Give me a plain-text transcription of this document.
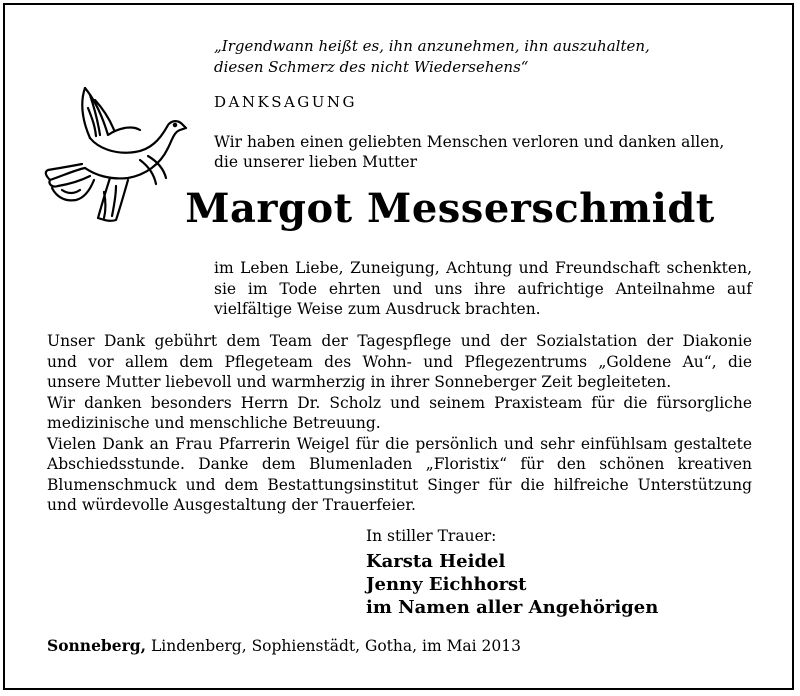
„Irgendwann heißt es, ihn anzunehmen, ihn auszuhalten,
diesen Schmerz des nicht Wiedersehens“
DANKSAGUNG
Wir haben einen geliebten Menschen verloren und danken allen,
die unserer lieben Mutter
Margot Messerschmidt
im Leben Liebe, Zuneigung, Achtung und Freundschaft schenkten,
sie im Tode ehrten und uns ihre aufrichtige Anteilnahme auf
vielfältige Weise zum Ausdruck brachten.
Unser Dank gebührt dem Team der Tagespflege und der Sozialstation der Diakonie
und vor allem dem Pflegeteam des Wohn- und Pflegezentrums „Goldene Au“, die
unsere Mutter liebevoll und warmherzig in ihrer Sonneberger Zeit begleiteten.
Wir danken besonders Herrn Dr. Scholz und seinem Praxisteam für die fürsorgliche
medizinische und menschliche Betreuung.
Vielen Dank an Frau Pfarrerin Weigel für die persönlich und sehr einfühlsam gestaltete
Abschiedsstunde. Danke dem Blumenladen „Floristix“ für den schönen kreativen
Blumenschmuck und dem Bestattungsinstitut Singer für die hilfreiche Unterstützung
und würdevolle Ausgestaltung der Trauerfeier.
In stiller Trauer:
Karsta Heidel
Jenny Eichhorst
im Namen aller Angehörigen
Sonneberg, Lindenberg, Sophienstädt, Gotha, im Mai 2013
